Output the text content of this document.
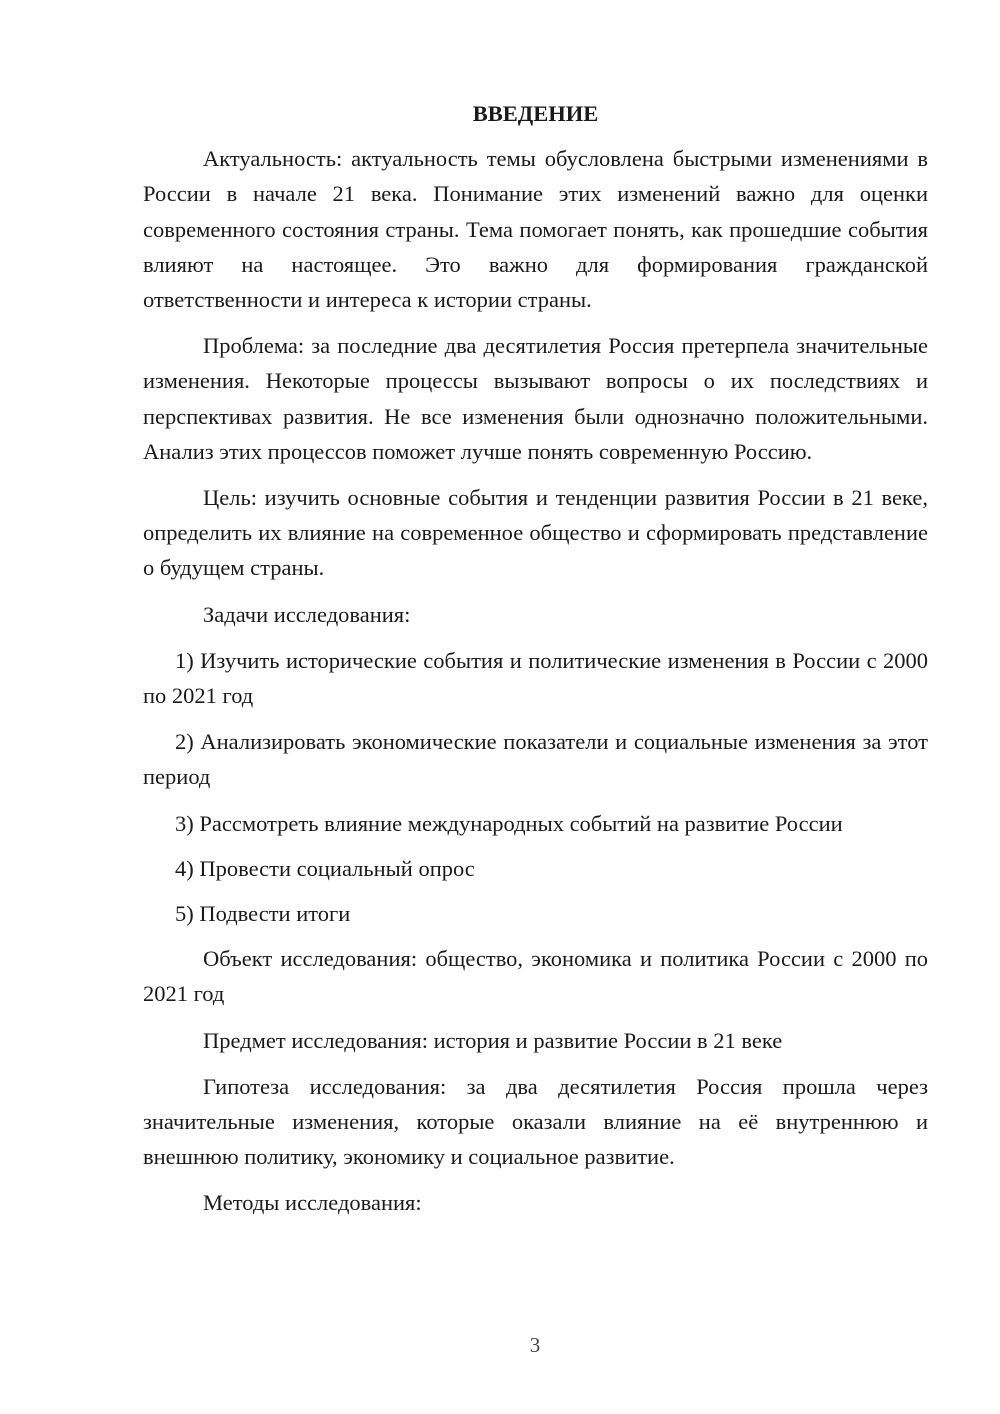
ВВЕДЕНИЕ

Актуальность: актуальность темы обусловлена быстрыми изменениями в России в начале 21 века. Понимание этих изменений важно для оценки современного состояния страны. Тема помогает понять, как прошедшие события влияют на настоящее. Это важно для формирования гражданской ответственности и интереса к истории страны.

Проблема: за последние два десятилетия Россия претерпела значительные изменения. Некоторые процессы вызывают вопросы о их последствиях и перспективах развития. Не все изменения были однозначно положительными. Анализ этих процессов поможет лучше понять современную Россию.

Цель: изучить основные события и тенденции развития России в 21 веке, определить их влияние на современное общество и сформировать представление о будущем страны.

Задачи исследования:

1) Изучить исторические события и политические изменения в России с 2000 по 2021 год

2) Анализировать экономические показатели и социальные изменения за этот период

3) Рассмотреть влияние международных событий на развитие России

4) Провести социальный опрос

5) Подвести итоги

Объект исследования: общество, экономика и политика России с 2000 по 2021 год

Предмет исследования: история и развитие России в 21 веке

Гипотеза исследования: за два десятилетия Россия прошла через значительные изменения, которые оказали влияние на её внутреннюю и внешнюю политику, экономику и социальное развитие.

Методы исследования:

3
